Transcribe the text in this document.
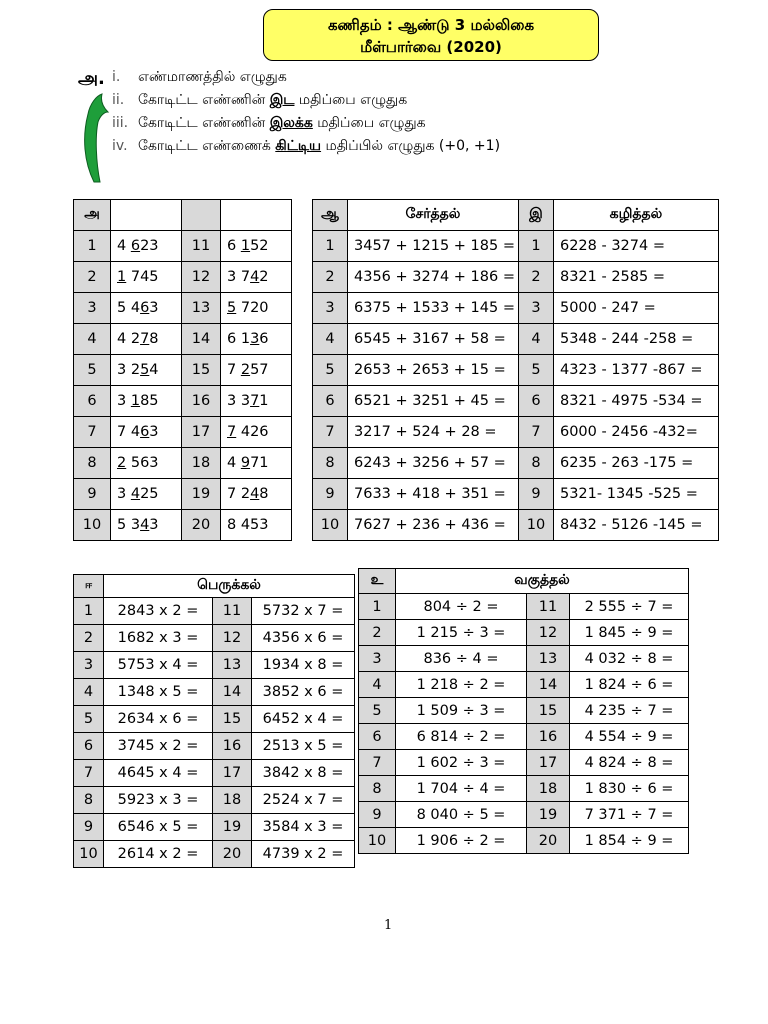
கணிதம் : ஆண்டு 3 மல்லிகை
மீள்பார்வை (2020)
அ. i. எண்மாணத்தில் எழுதுக
ii. கோடிட்ட எண்ணின் இட மதிப்பை எழுதுக
iii. கோடிட்ட எண்ணின் இலக்க மதிப்பை எழுதுக
iv. கோடிட்ட எண்ணைக் கிட்டிய மதிப்பில் எழுதுக (+0, +1)
அ			
1	4 623	11	6 152
2	1 745	12	3 742
3	5 463	13	5 720
4	4 278	14	6 136
5	3 254	15	7 257
6	3 185	16	3 371
7	7 463	17	7 426
8	2 563	18	4 971
9	3 425	19	7 248
10	5 343	20	8 453
ஆ	சேர்த்தல்	இ	கழித்தல்
1	3457 + 1215 + 185 =	1	6228 - 3274 =
2	4356 + 3274 + 186 =	2	8321 - 2585 =
3	6375 + 1533 + 145 =	3	5000 - 247 =
4	6545 + 3167 + 58 =	4	5348 - 244 -258 =
5	2653 + 2653 + 15 =	5	4323 - 1377 -867 =
6	6521 + 3251 + 45 =	6	8321 - 4975 -534 =
7	3217 + 524 + 28 =	7	6000 - 2456 -432=
8	6243 + 3256 + 57 =	8	6235 - 263 -175 =
9	7633 + 418 + 351 =	9	5321- 1345 -525 =
10	7627 + 236 + 436 =	10	8432 - 5126 -145 =
ஈ	பெருக்கல்		
1	2843 x 2 =	11	5732 x 7 =
2	1682 x 3 =	12	4356 x 6 =
3	5753 x 4 =	13	1934 x 8 =
4	1348 x 5 =	14	3852 x 6 =
5	2634 x 6 =	15	6452 x 4 =
6	3745 x 2 =	16	2513 x 5 =
7	4645 x 4 =	17	3842 x 8 =
8	5923 x 3 =	18	2524 x 7 =
9	6546 x 5 =	19	3584 x 3 =
10	2614 x 2 =	20	4739 x 2 =
உ	வகுத்தல்		
1	804 ÷ 2 =	11	2 555 ÷ 7 =
2	1 215 ÷ 3 =	12	1 845 ÷ 9 =
3	836 ÷ 4 =	13	4 032 ÷ 8 =
4	1 218 ÷ 2 =	14	1 824 ÷ 6 =
5	1 509 ÷ 3 =	15	4 235 ÷ 7 =
6	6 814 ÷ 2 =	16	4 554 ÷ 9 =
7	1 602 ÷ 3 =	17	4 824 ÷ 8 =
8	1 704 ÷ 4 =	18	1 830 ÷ 6 =
9	8 040 ÷ 5 =	19	7 371 ÷ 7 =
10	1 906 ÷ 2 =	20	1 854 ÷ 9 =
1
